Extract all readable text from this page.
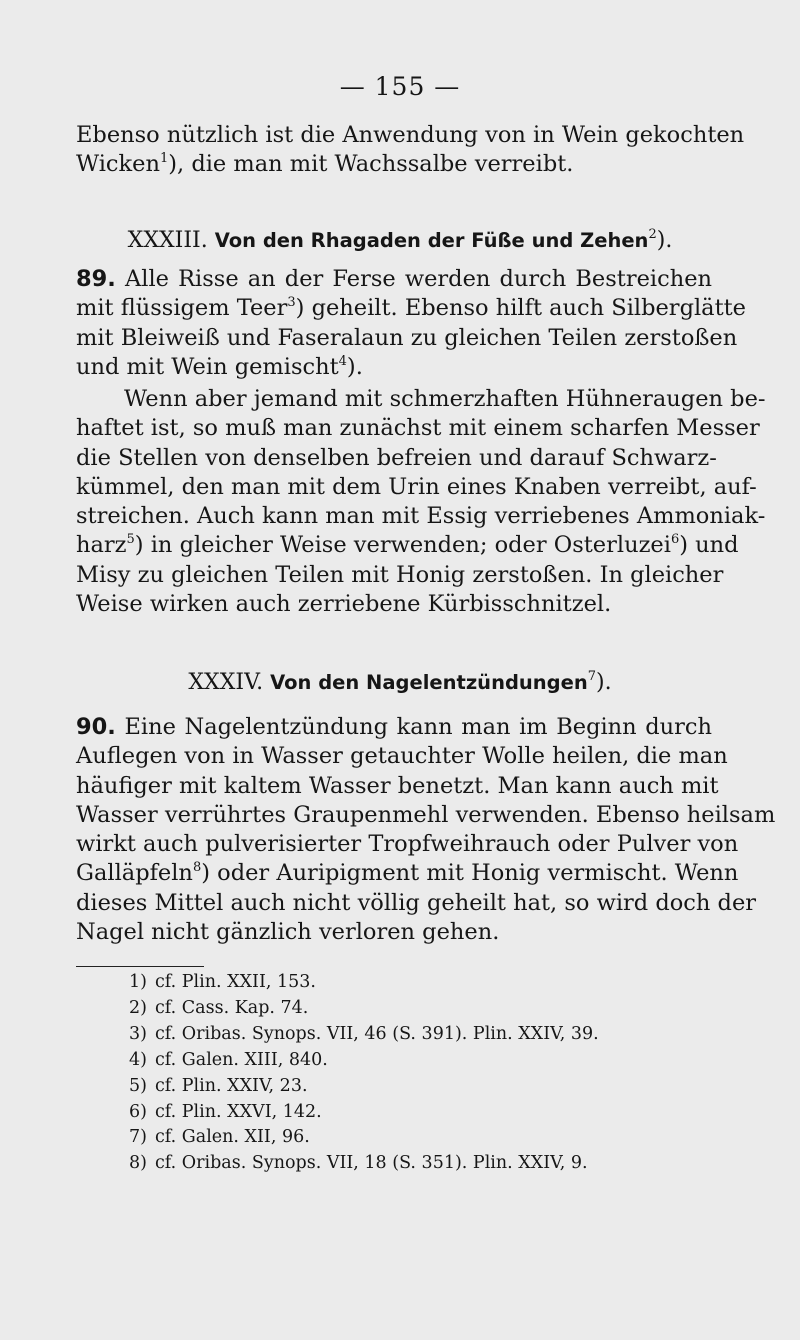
— 155 —
Ebenso nützlich ist die Anwendung von in Wein gekochten
Wicken$^1$), die man mit Wachssalbe verreibt.
XXXIII. Von den Rhagaden der Füße und Zehen$^2$).
89. Alle Risse an der Ferse werden durch Bestreichen
mit flüssigem Teer$^3$) geheilt. Ebenso hilft auch Silberglätte
mit Bleiweiß und Faseralaun zu gleichen Teilen zerstoßen
und mit Wein gemischt$^4$).
Wenn aber jemand mit schmerzhaften Hühneraugen be-
haftet ist, so muß man zunächst mit einem scharfen Messer
die Stellen von denselben befreien und darauf Schwarz-
kümmel, den man mit dem Urin eines Knaben verreibt, auf-
streichen. Auch kann man mit Essig verriebenes Ammoniak-
harz$^5$) in gleicher Weise verwenden; oder Osterluzei$^6$) und
Misy zu gleichen Teilen mit Honig zerstoßen. In gleicher
Weise wirken auch zerriebene Kürbisschnitzel.
XXXIV. Von den Nagelentzündungen$^7$).
90. Eine Nagelentzündung kann man im Beginn durch
Auflegen von in Wasser getauchter Wolle heilen, die man
häufiger mit kaltem Wasser benetzt. Man kann auch mit
Wasser verrührtes Graupenmehl verwenden. Ebenso heilsam
wirkt auch pulverisierter Tropfweihrauch oder Pulver von
Galläpfeln$^8$) oder Auripigment mit Honig vermischt. Wenn
dieses Mittel auch nicht völlig geheilt hat, so wird doch der
Nagel nicht gänzlich verloren gehen.
1) cf. Plin. XXII, 153.
2) cf. Cass. Kap. 74.
3) cf. Oribas. Synops. VII, 46 (S. 391). Plin. XXIV, 39.
4) cf. Galen. XIII, 840.
5) cf. Plin. XXIV, 23.
6) cf. Plin. XXVI, 142.
7) cf. Galen. XII, 96.
8) cf. Oribas. Synops. VII, 18 (S. 351). Plin. XXIV, 9.
